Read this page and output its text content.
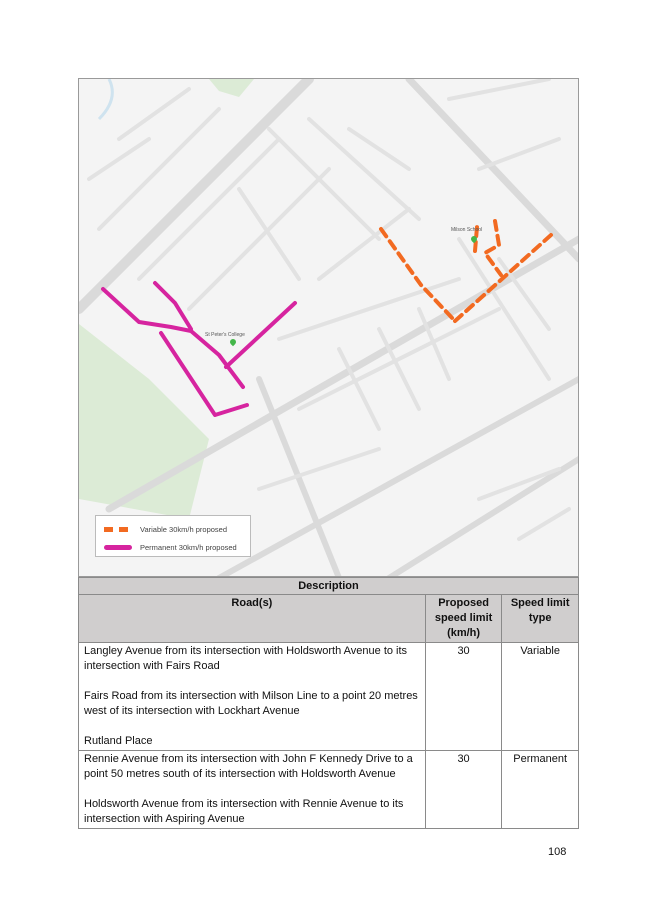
Milson School
St Peter's College
Variable 30km/h proposed
Permanent 30km/h proposed
Description		
Road(s)	Proposed
speed limit
(km/h)	Speed limit
type

Langley Avenue from its intersection with Holdsworth Avenue to its
intersection with Fairs Road
Fairs Road from its intersection with Milson Line to a point 20 metres
west of its intersection with Lockhart Avenue
Rutland Place	30	Variable

Rennie Avenue from its intersection with John F Kennedy Drive to a
point 50 metres south of its intersection with Holdsworth Avenue
Holdsworth Avenue from its intersection with Rennie Avenue to its
intersection with Aspiring Avenue	30	Permanent
108
